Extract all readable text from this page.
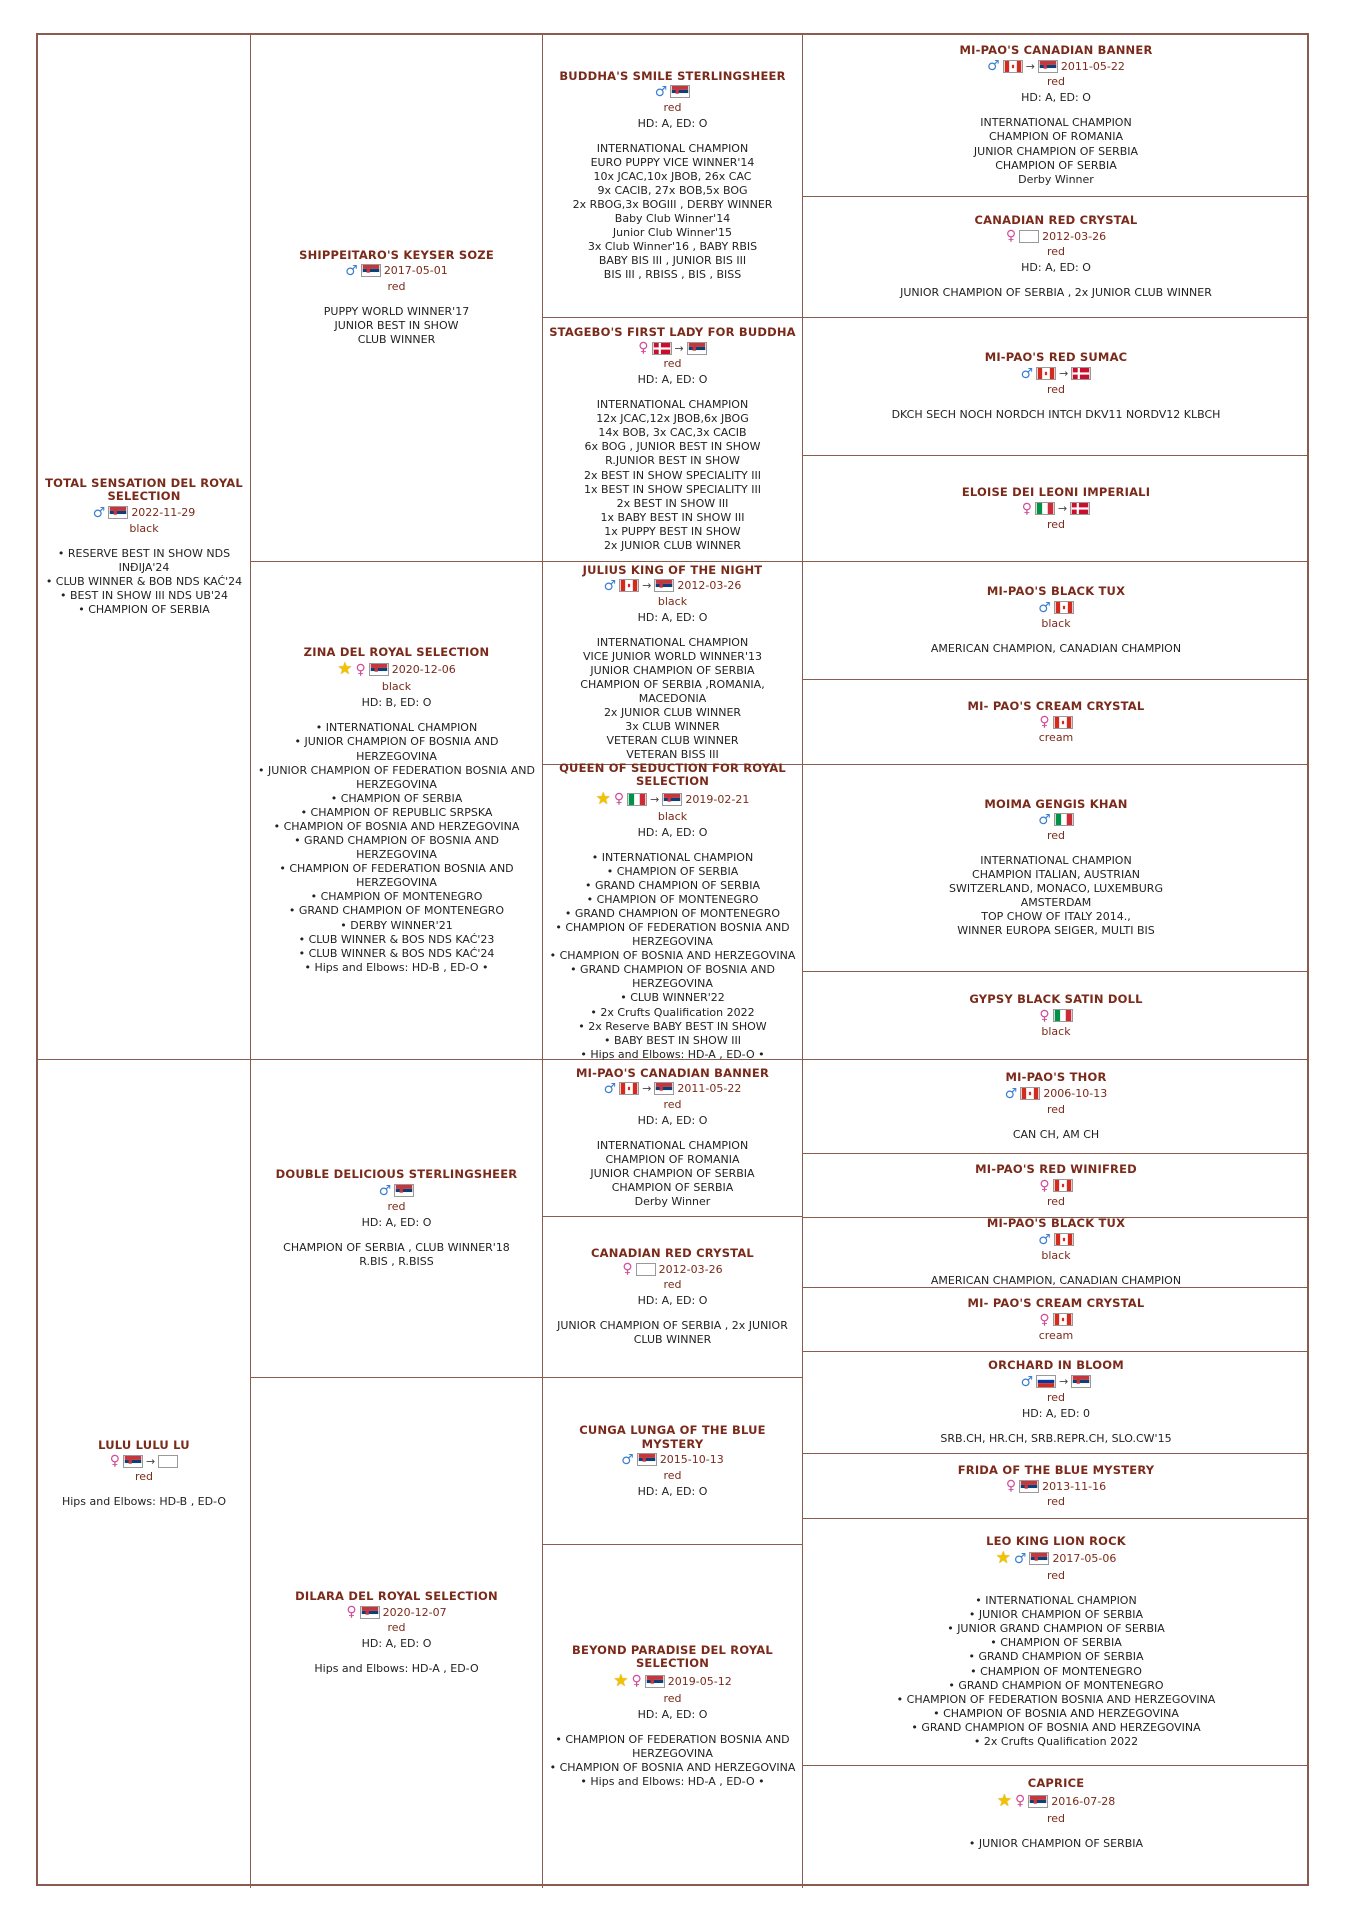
TOTAL SENSATION DEL ROYAL SELECTION
♂ 2022-11-29
black
• RESERVE BEST IN SHOW NDS INĐIJA'24
• CLUB WINNER & BOB NDS KAĆ'24
• BEST IN SHOW III NDS UB'24
• CHAMPION OF SERBIA
LULU LULU LU
♀ →
red
Hips and Elbows: HD-B , ED-O
SHIPPEITARO'S KEYSER SOZE
♂ 2017-05-01
red
PUPPY WORLD WINNER'17
JUNIOR BEST IN SHOW
CLUB WINNER
ZINA DEL ROYAL SELECTION
★ ♀ 2020-12-06
black
HD: B, ED: O
• INTERNATIONAL CHAMPION
• JUNIOR CHAMPION OF BOSNIA AND HERZEGOVINA
• JUNIOR CHAMPION OF FEDERATION BOSNIA AND HERZEGOVINA
• CHAMPION OF SERBIA
• CHAMPION OF REPUBLIC SRPSKA
• CHAMPION OF BOSNIA AND HERZEGOVINA
• GRAND CHAMPION OF BOSNIA AND HERZEGOVINA
• CHAMPION OF FEDERATION BOSNIA AND HERZEGOVINA
• CHAMPION OF MONTENEGRO
• GRAND CHAMPION OF MONTENEGRO
• DERBY WINNER'21
• CLUB WINNER & BOS NDS KAĆ'23
• CLUB WINNER & BOS NDS KAĆ'24
• Hips and Elbows: HD-B , ED-O •
DOUBLE DELICIOUS STERLINGSHEER
♂
red
HD: A, ED: O
CHAMPION OF SERBIA , CLUB WINNER'18
R.BIS , R.BISS
DILARA DEL ROYAL SELECTION
♀ 2020-12-07
red
HD: A, ED: O
Hips and Elbows: HD-A , ED-O
BUDDHA'S SMILE STERLINGSHEER
♂
red
HD: A, ED: O
INTERNATIONAL CHAMPION
EURO PUPPY VICE WINNER'14
10x JCAC,10x JBOB, 26x CAC
9x CACIB, 27x BOB,5x BOG
2x RBOG,3x BOGIII , DERBY WINNER
Baby Club Winner'14
Junior Club Winner'15
3x Club Winner'16 , BABY RBIS
BABY BIS III , JUNIOR BIS III
BIS III , RBISS , BIS , BISS
STAGEBO'S FIRST LADY FOR BUDDHA
♀ →
red
HD: A, ED: O
INTERNATIONAL CHAMPION
12x JCAC,12x JBOB,6x JBOG
14x BOB, 3x CAC,3x CACIB
6x BOG , JUNIOR BEST IN SHOW
R.JUNIOR BEST IN SHOW
2x BEST IN SHOW SPECIALITY III
1x BEST IN SHOW SPECIALITY III
2x BEST IN SHOW III
1x BABY BEST IN SHOW III
1x PUPPY BEST IN SHOW
2x JUNIOR CLUB WINNER
JULIUS KING OF THE NIGHT
♂ → 2012-03-26
black
HD: A, ED: O
INTERNATIONAL CHAMPION
VICE JUNIOR WORLD WINNER'13
JUNIOR CHAMPION OF SERBIA
CHAMPION OF SERBIA ,ROMANIA, MACEDONIA
2x JUNIOR CLUB WINNER
3x CLUB WINNER
VETERAN CLUB WINNER
VETERAN BISS III
QUEEN OF SEDUCTION FOR ROYAL SELECTION
★ ♀ → 2019-02-21
black
HD: A, ED: O
• INTERNATIONAL CHAMPION
• CHAMPION OF SERBIA
• GRAND CHAMPION OF SERBIA
• CHAMPION OF MONTENEGRO
• GRAND CHAMPION OF MONTENEGRO
• CHAMPION OF FEDERATION BOSNIA AND HERZEGOVINA
• CHAMPION OF BOSNIA AND HERZEGOVINA
• GRAND CHAMPION OF BOSNIA AND HERZEGOVINA
• CLUB WINNER'22
• 2x Crufts Qualification 2022
• 2x Reserve BABY BEST IN SHOW
• BABY BEST IN SHOW III
• Hips and Elbows: HD-A , ED-O •
MI-PAO'S CANADIAN BANNER
♂ → 2011-05-22
red
HD: A, ED: O
INTERNATIONAL CHAMPION
CHAMPION OF ROMANIA
JUNIOR CHAMPION OF SERBIA
CHAMPION OF SERBIA
Derby Winner
CANADIAN RED CRYSTAL
♀ 2012-03-26
red
HD: A, ED: O
JUNIOR CHAMPION OF SERBIA , 2x JUNIOR CLUB WINNER
CUNGA LUNGA OF THE BLUE MYSTERY
♂ 2015-10-13
red
HD: A, ED: O
BEYOND PARADISE DEL ROYAL SELECTION
★ ♀ 2019-05-12
red
HD: A, ED: O
• CHAMPION OF FEDERATION BOSNIA AND HERZEGOVINA
• CHAMPION OF BOSNIA AND HERZEGOVINA
• Hips and Elbows: HD-A , ED-O •
MI-PAO'S CANADIAN BANNER
♂ → 2011-05-22
red
HD: A, ED: O
INTERNATIONAL CHAMPION
CHAMPION OF ROMANIA
JUNIOR CHAMPION OF SERBIA
CHAMPION OF SERBIA
Derby Winner
CANADIAN RED CRYSTAL
♀ 2012-03-26
red
HD: A, ED: O
JUNIOR CHAMPION OF SERBIA , 2x JUNIOR CLUB WINNER
MI-PAO'S RED SUMAC
♂ →
red
DKCH SECH NOCH NORDCH INTCH DKV11 NORDV12 KLBCH
ELOISE DEI LEONI IMPERIALI
♀ →
red
MI-PAO'S BLACK TUX
♂
black
AMERICAN CHAMPION, CANADIAN CHAMPION
MI- PAO'S CREAM CRYSTAL
♀
cream
MOIMA GENGIS KHAN
♂
red
INTERNATIONAL CHAMPION
CHAMPION ITALIAN, AUSTRIAN
SWITZERLAND, MONACO, LUXEMBURG
AMSTERDAM
TOP CHOW OF ITALY 2014.,
WINNER EUROPA SEIGER, MULTI BIS
GYPSY BLACK SATIN DOLL
♀
black
MI-PAO'S THOR
♂ 2006-10-13
red
CAN CH, AM CH
MI-PAO'S RED WINIFRED
♀
red
MI-PAO'S BLACK TUX
♂
black
AMERICAN CHAMPION, CANADIAN CHAMPION
MI- PAO'S CREAM CRYSTAL
♀
cream
ORCHARD IN BLOOM
♂ →
red
HD: A, ED: 0
SRB.CH, HR.CH, SRB.REPR.CH, SLO.CW'15
FRIDA OF THE BLUE MYSTERY
♀ 2013-11-16
red
LEO KING LION ROCK
★ ♂ 2017-05-06
red
• INTERNATIONAL CHAMPION
• JUNIOR CHAMPION OF SERBIA
• JUNIOR GRAND CHAMPION OF SERBIA
• CHAMPION OF SERBIA
• GRAND CHAMPION OF SERBIA
• CHAMPION OF MONTENEGRO
• GRAND CHAMPION OF MONTENEGRO
• CHAMPION OF FEDERATION BOSNIA AND HERZEGOVINA
• CHAMPION OF BOSNIA AND HERZEGOVINA
• GRAND CHAMPION OF BOSNIA AND HERZEGOVINA
• 2x Crufts Qualification 2022
CAPRICE
★ ♀ 2016-07-28
red
• JUNIOR CHAMPION OF SERBIA
